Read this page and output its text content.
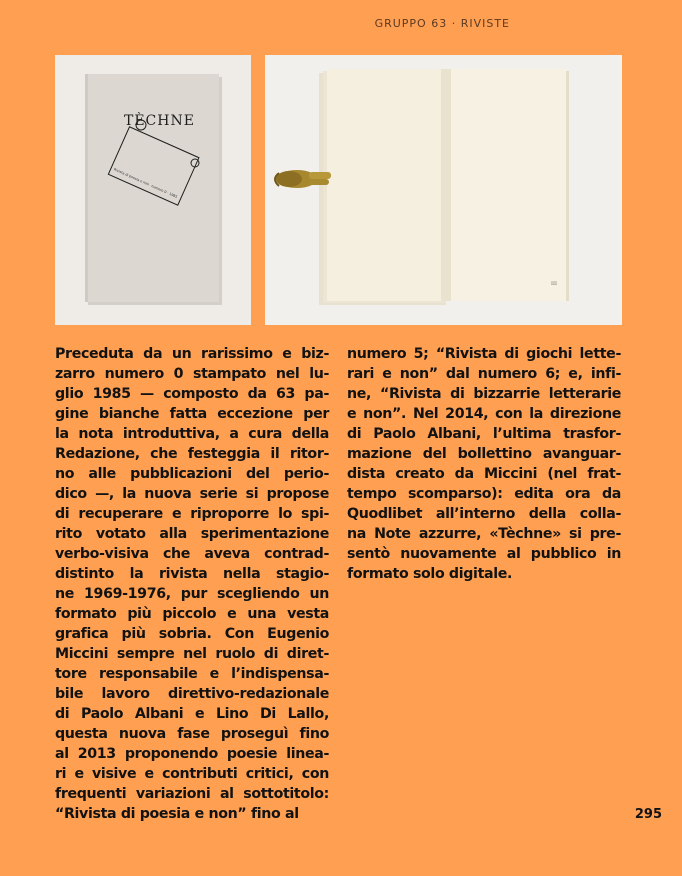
GRUPPO 63 · RIVISTE
TÈCHNE
Rivista di poesia e non
numero 0 · 1985
III
Preceduta da un rarissimo e biz-
zarro numero 0 stampato nel lu-
glio 1985 — composto da 63 pa-
gine bianche fatta eccezione per
la nota introduttiva, a cura della
Redazione, che festeggia il ritor-
no alle pubblicazioni del perio-
dico —, la nuova serie si propose
di recuperare e riproporre lo spi-
rito votato alla sperimentazione
verbo-visiva che aveva contrad-
distinto la rivista nella stagio-
ne 1969-1976, pur scegliendo un
formato più piccolo e una vesta
grafica più sobria. Con Eugenio
Miccini sempre nel ruolo di diret-
tore responsabile e l’indispensa-
bile lavoro direttivo-redazionale
di Paolo Albani e Lino Di Lallo,
questa nuova fase proseguì fino
al 2013 proponendo poesie linea-
ri e visive e contributi critici, con
frequenti variazioni al sottotitolo:
“Rivista di poesia e non” fino al
numero 5; “Rivista di giochi lette-
rari e non” dal numero 6; e, infi-
ne, “Rivista di bizzarrie letterarie
e non”. Nel 2014, con la direzione
di Paolo Albani, l’ultima trasfor-
mazione del bollettino avanguar-
dista creato da Miccini (nel frat-
tempo scomparso): edita ora da
Quodlibet all’interno della colla-
na Note azzurre, «Tèchne» si pre-
sentò nuovamente al pubblico in
formato solo digitale.
295
